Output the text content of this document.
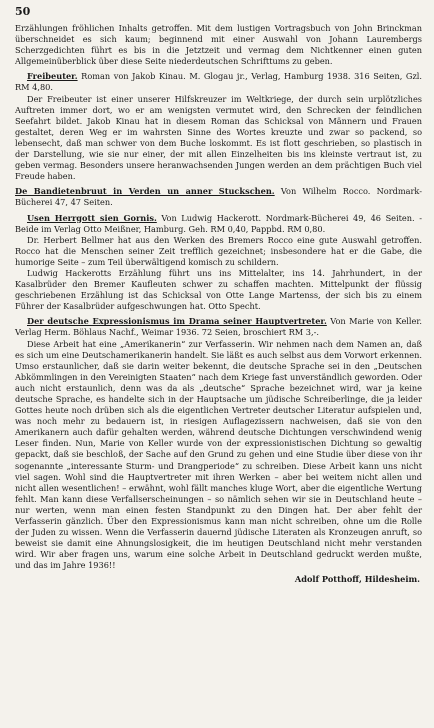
50

Erzählungen fröhlichen Inhalts getroffen. Mit dem lustigen Vortragsbuch von John Brinckman überschneidet es sich kaum; beginnend mit einer Auswahl von Johann Laurembergs Scherzgedichten führt es bis in die Jetztzeit und vermag dem Nichtkenner einen guten Allgemeinüberblick über diese Seite niederdeutschen Schrifttums zu geben.

Freibeuter. Roman von Jakob Kinau. M. Glogau jr., Verlag, Hamburg 1938. 316 Seiten, Gzl. RM 4,80.

Der Freibeuter ist einer unserer Hilfskreuzer im Weltkriege, der durch sein urplötzliches Auftreten immer dort, wo er am wenigsten vermutet wird, den Schrecken der feindlichen Seefahrt bildet. Jakob Kinau hat in diesem Roman das Schicksal von Männern und Frauen gestaltet, deren Weg er im wahrsten Sinne des Wortes kreuzte und zwar so packend, so lebensecht, daß man schwer von dem Buche loskommt. Es ist flott geschrieben, so plastisch in der Darstellung, wie sie nur einer, der mit allen Einzelheiten bis ins kleinste vertraut ist, zu geben vermag. Besonders unsere heranwachsenden Jungen werden an dem prächtigen Buch viel Freude haben.

De Bandietenbruut in Verden un anner Stuckschen. Von Wilhelm Rocco. Nordmark-Bücherei 47, 47 Seiten.

Usen Herrgott sien Gornis. Von Ludwig Hackerott. Nordmark-Bücherei 49, 46 Seiten. - Beide im Verlag Otto Meißner, Hamburg. Geh. RM 0,40, Pappbd. RM 0,80.

Dr. Herbert Bellmer hat aus den Werken des Bremers Rocco eine gute Auswahl getroffen. Rocco hat die Menschen seiner Zeit trefflich gezeichnet; insbesondere hat er die Gabe, die humorige Seite – zum Teil überwältigend komisch zu schildern.

Ludwig Hackerotts Erzählung führt uns ins Mittelalter, ins 14. Jahrhundert, in der Kasalbrüder den Bremer Kaufleuten schwer zu schaffen machten. Mittelpunkt der flüssig geschriebenen Erzählung ist das Schicksal von Otte Lange Martenss, der sich bis zu einem Führer der Kasalbrüder aufgeschwungen hat. Otto Specht.

Der deutsche Expressionismus im Drama seiner Hauptvertreter. Von Marie von Keller. Verlag Herm. Böhlaus Nachf., Weimar 1936. 72 Seien, broschiert RM 3,-.

Diese Arbeit hat eine „Amerikanerin“ zur Verfasserin. Wir nehmen nach dem Namen an, daß es sich um eine Deutschamerikanerin handelt. Sie läßt es auch selbst aus dem Vorwort erkennen. Umso erstaunlicher, daß sie darin weiter bekennt, die deutsche Sprache sei in den „Deutschen Abkömmlingen in den Vereinigten Staaten“ nach dem Kriege fast unverständlich geworden. Oder auch nicht erstaunlich, denn was da als „deutsche“ Sprache bezeichnet wird, war ja keine deutsche Sprache, es handelte sich in der Hauptsache um jüdische Schreiberlinge, die ja leider Gottes heute noch drüben sich als die eigentlichen Vertreter deutscher Literatur aufspielen und, was noch mehr zu bedauern ist, in riesigen Auflagezissern nachweisen, daß sie von den Amerikanern auch dafür gehalten werden, während deutsche Dichtungen verschwindend wenig Leser finden. Nun, Marie von Keller wurde von der expressionistischen Dichtung so gewaltig gepackt, daß sie beschloß, der Sache auf den Grund zu gehen und eine Studie über diese von ihr sogenannte „interessante Sturm- und Drangperiode“ zu schreiben. Diese Arbeit kann uns nicht viel sagen. Wohl sind die Hauptvertreter mit ihren Werken – aber bei weitem nicht allen und nicht allen wesentlichen! – erwähnt, wohl fällt manches kluge Wort, aber die eigentliche Wertung fehlt. Man kann diese Verfallserscheinungen – so nämlich sehen wir sie in Deutschland heute – nur werten, wenn man einen festen Standpunkt zu den Dingen hat. Der aber fehlt der Verfasserin gänzlich. Über den Expressionismus kann man nicht schreiben, ohne um die Rolle der Juden zu wissen. Wenn die Verfasserin dauernd jüdische Literaten als Kronzeugen anruft, so beweist sie damit eine Ahnungslosigkeit, die im heutigen Deutschland nicht mehr verstanden wird. Wir aber fragen uns, warum eine solche Arbeit in Deutschland gedruckt werden mußte, und das im Jahre 1936!!

Adolf Potthoff, Hildesheim.
